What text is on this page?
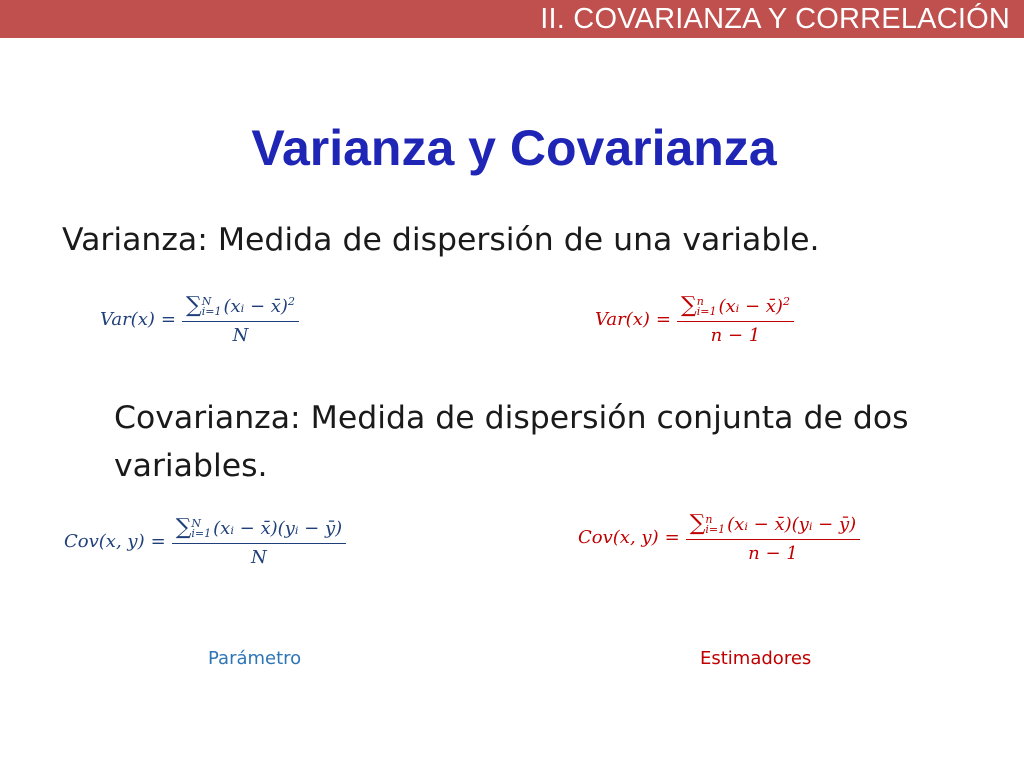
II. COVARIANZA Y CORRELACIÓN
Varianza y Covarianza
Varianza: Medida de dispersión de una variable.
Var(x) = ∑ N
i=1 (xᵢ − x̄)$^2$
N	Var(x) = ∑ n
i=1 (xᵢ − x̄)$^2$
n − 1
Covarianza: Medida de dispersión conjunta de dos
variables.
Cov(x, y) = ∑ N
i=1 (xᵢ − x̄)(yᵢ − ȳ)
N	Cov(x, y) = ∑ n
i=1 (xᵢ − x̄)(yᵢ − ȳ)
n − 1
Parámetro	Estimadores
